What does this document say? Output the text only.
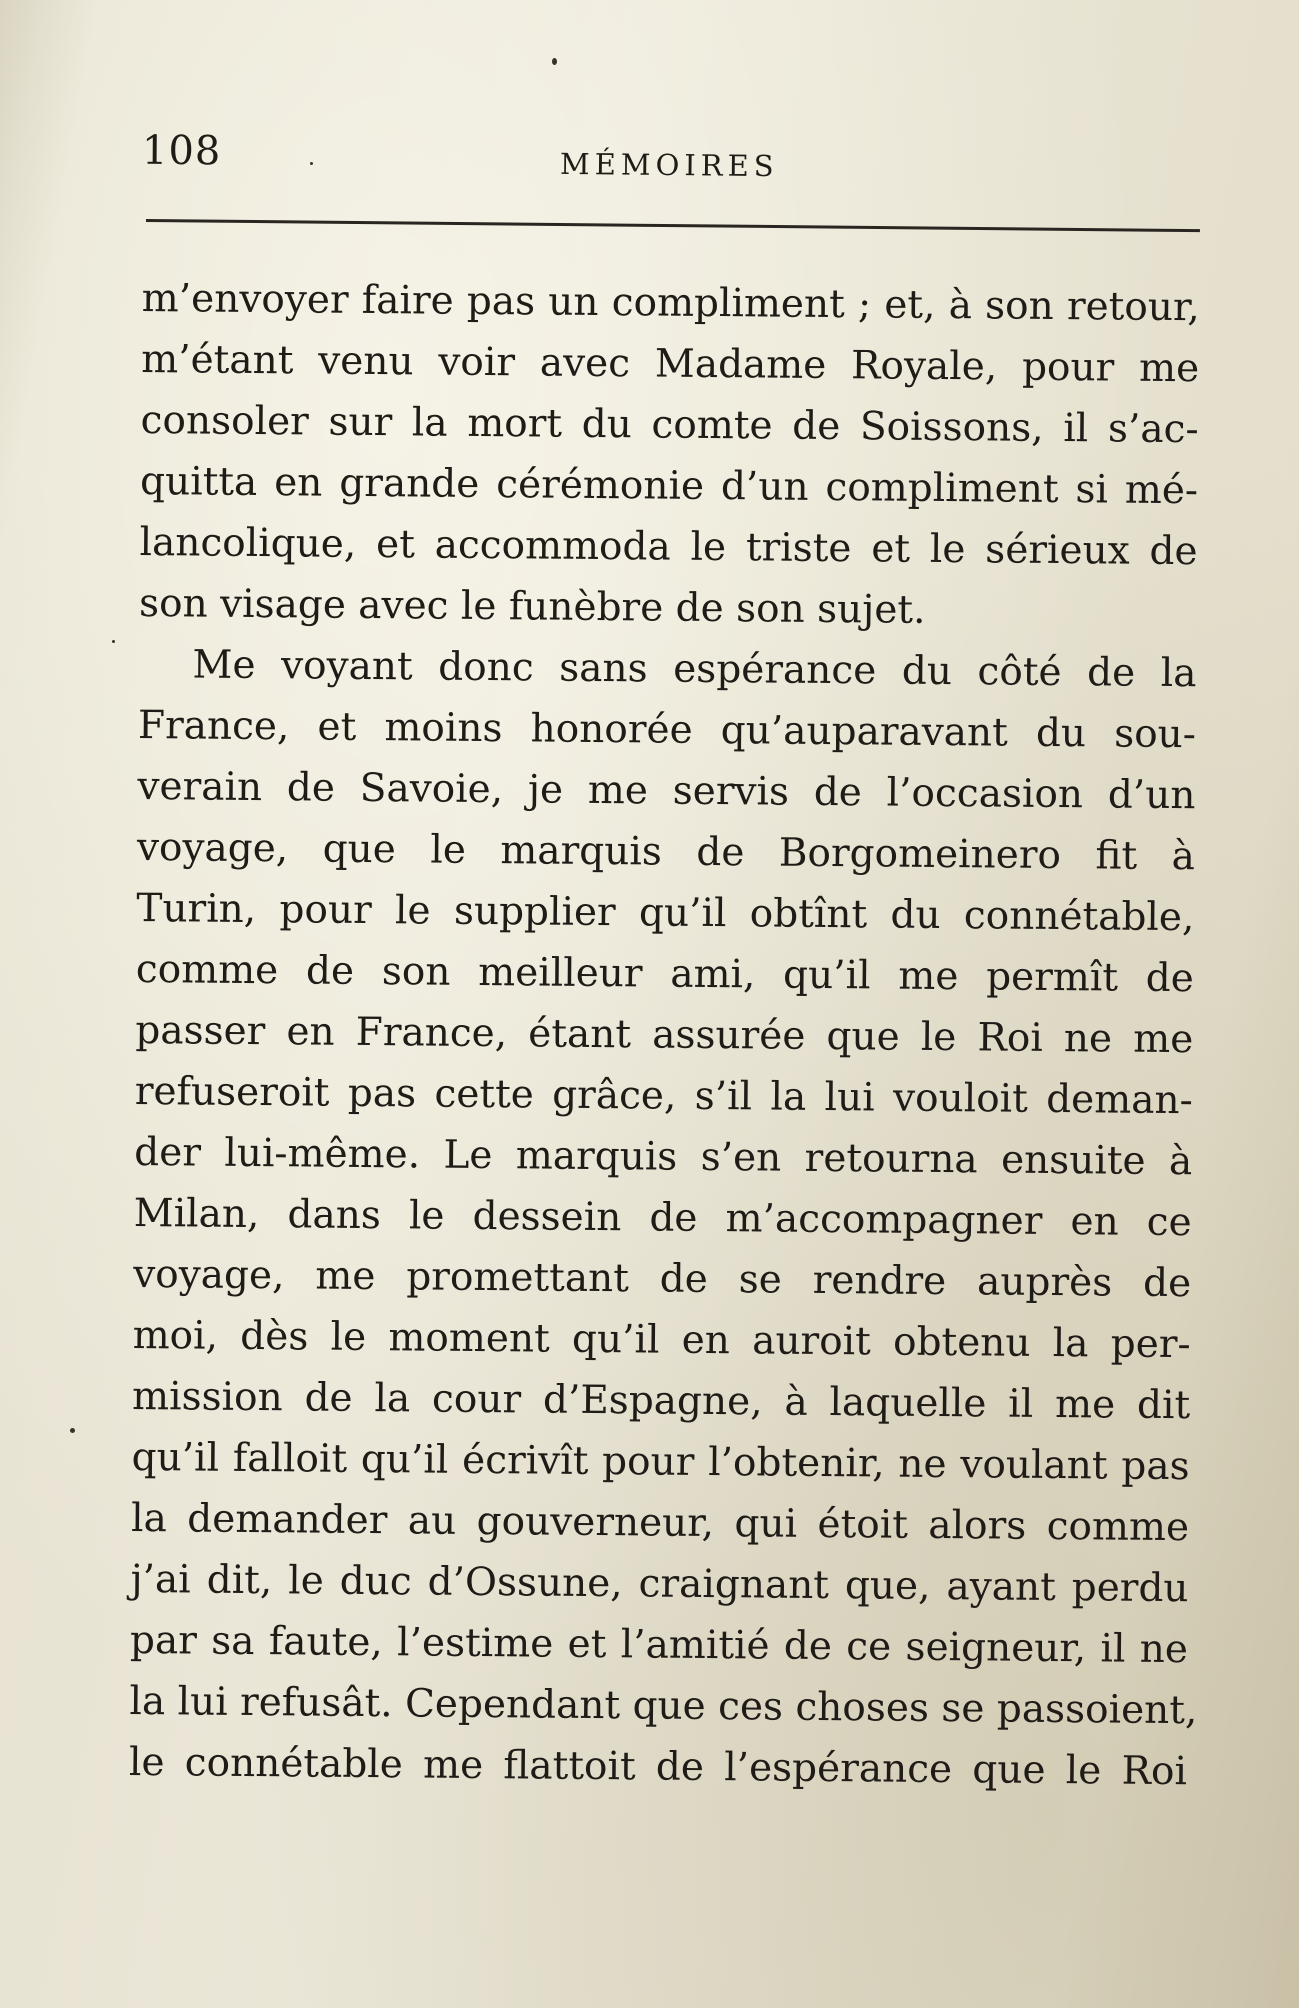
108	MÉMOIRES
m’envoyer faire pas un compliment ; et, à son retour,
m’étant venu voir avec Madame Royale, pour me
consoler sur la mort du comte de Soissons, il s’ac-
quitta en grande cérémonie d’un compliment si mé-
lancolique, et accommoda le triste et le sérieux de
son visage avec le funèbre de son sujet.
Me voyant donc sans espérance du côté de la
France, et moins honorée qu’auparavant du sou-
verain de Savoie, je me servis de l’occasion d’un
voyage, que le marquis de Borgomeinero fit à
Turin, pour le supplier qu’il obtînt du connétable,
comme de son meilleur ami, qu’il me permît de
passer en France, étant assurée que le Roi ne me
refuseroit pas cette grâce, s’il la lui vouloit deman-
der lui-même. Le marquis s’en retourna ensuite à
Milan, dans le dessein de m’accompagner en ce
voyage, me promettant de se rendre auprès de
moi, dès le moment qu’il en auroit obtenu la per-
mission de la cour d’Espagne, à laquelle il me dit
qu’il falloit qu’il écrivît pour l’obtenir, ne voulant pas
la demander au gouverneur, qui étoit alors comme
j’ai dit, le duc d’Ossune, craignant que, ayant perdu
par sa faute, l’estime et l’amitié de ce seigneur, il ne
la lui refusât. Cependant que ces choses se passoient,
le connétable me flattoit de l’espérance que le Roi
